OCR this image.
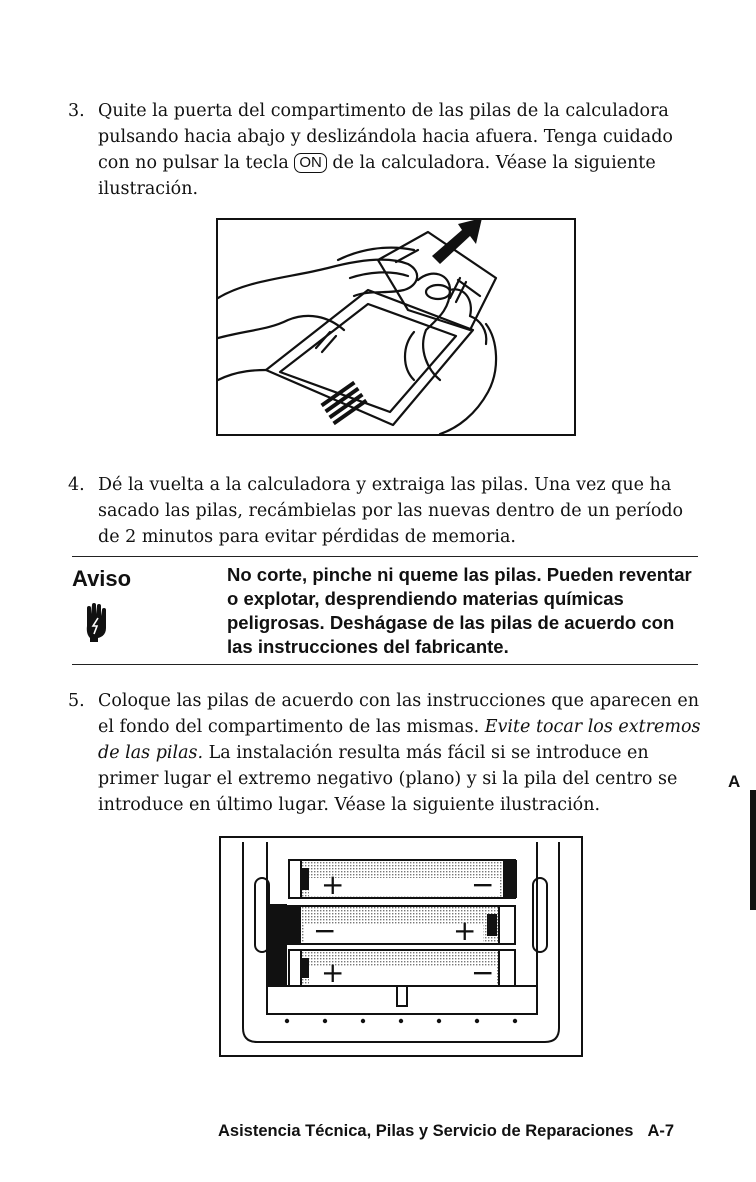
3. Quite la puerta del compartimento de las pilas de la calculadora pulsando hacia abajo y deslizándola hacia afuera. Tenga cuidado con no pulsar la tecla ON de la calculadora. Véase la siguiente ilustración.
4. Dé la vuelta a la calculadora y extraiga las pilas. Una vez que ha sacado las pilas, recámbielas por las nuevas dentro de un período de 2 minutos para evitar pérdidas de memoria.
Aviso	No corte, pinche ni queme las pilas. Pueden reventar o explotar, desprendiendo materias químicas peligrosas. Deshágase de las pilas de acuerdo con las instrucciones del fabricante.
5. Coloque las pilas de acuerdo con las instrucciones que aparecen en el fondo del compartimento de las mismas. Evite tocar los extremos de las pilas. La instalación resulta más fácil si se introduce en primer lugar el extremo negativo (plano) y si la pila del centro se introduce en último lugar. Véase la siguiente ilustración.
A
+	−
−	+
+	−
Asistencia Técnica, Pilas y Servicio de Reparaciones A-7
